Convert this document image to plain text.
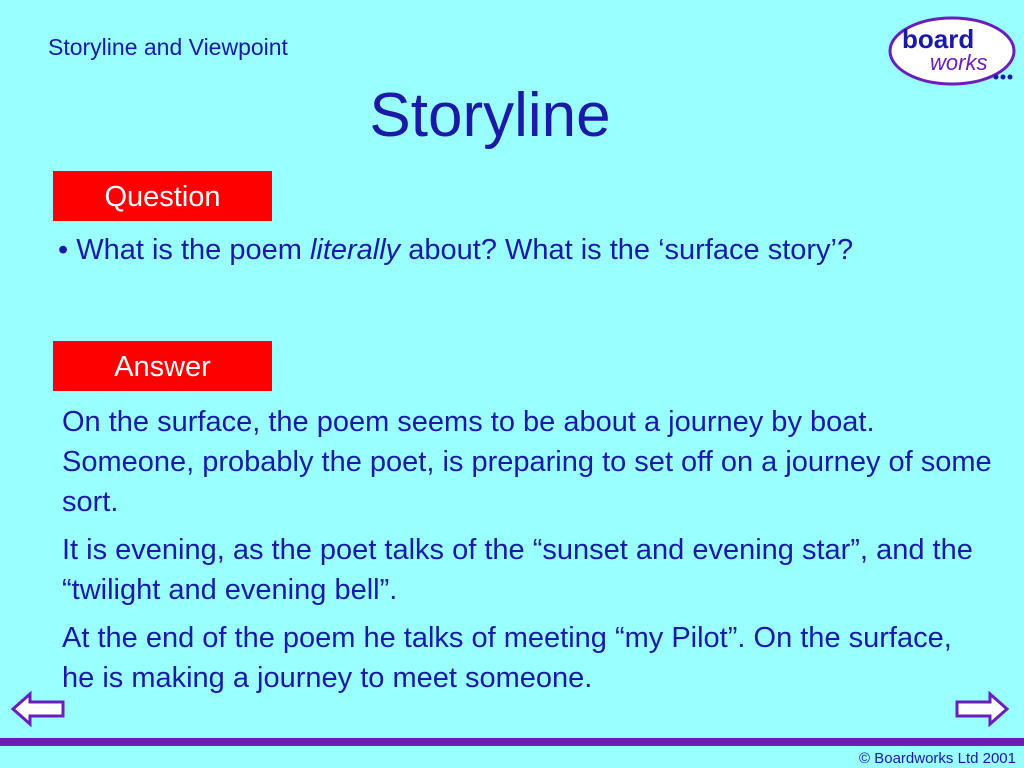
Storyline and Viewpoint	board
works
Storyline
Question
• What is the poem literally about? What is the ‘surface story’?
Answer

On the surface, the poem seems to be about a journey by boat. Someone, probably the poet, is preparing to set off on a journey of some sort.

It is evening, as the poet talks of the “sunset and evening star”, and the “twilight and evening bell”.

At the end of the poem he talks of meeting “my Pilot”. On the surface, he is making a journey to meet someone.

© Boardworks Ltd 2001
